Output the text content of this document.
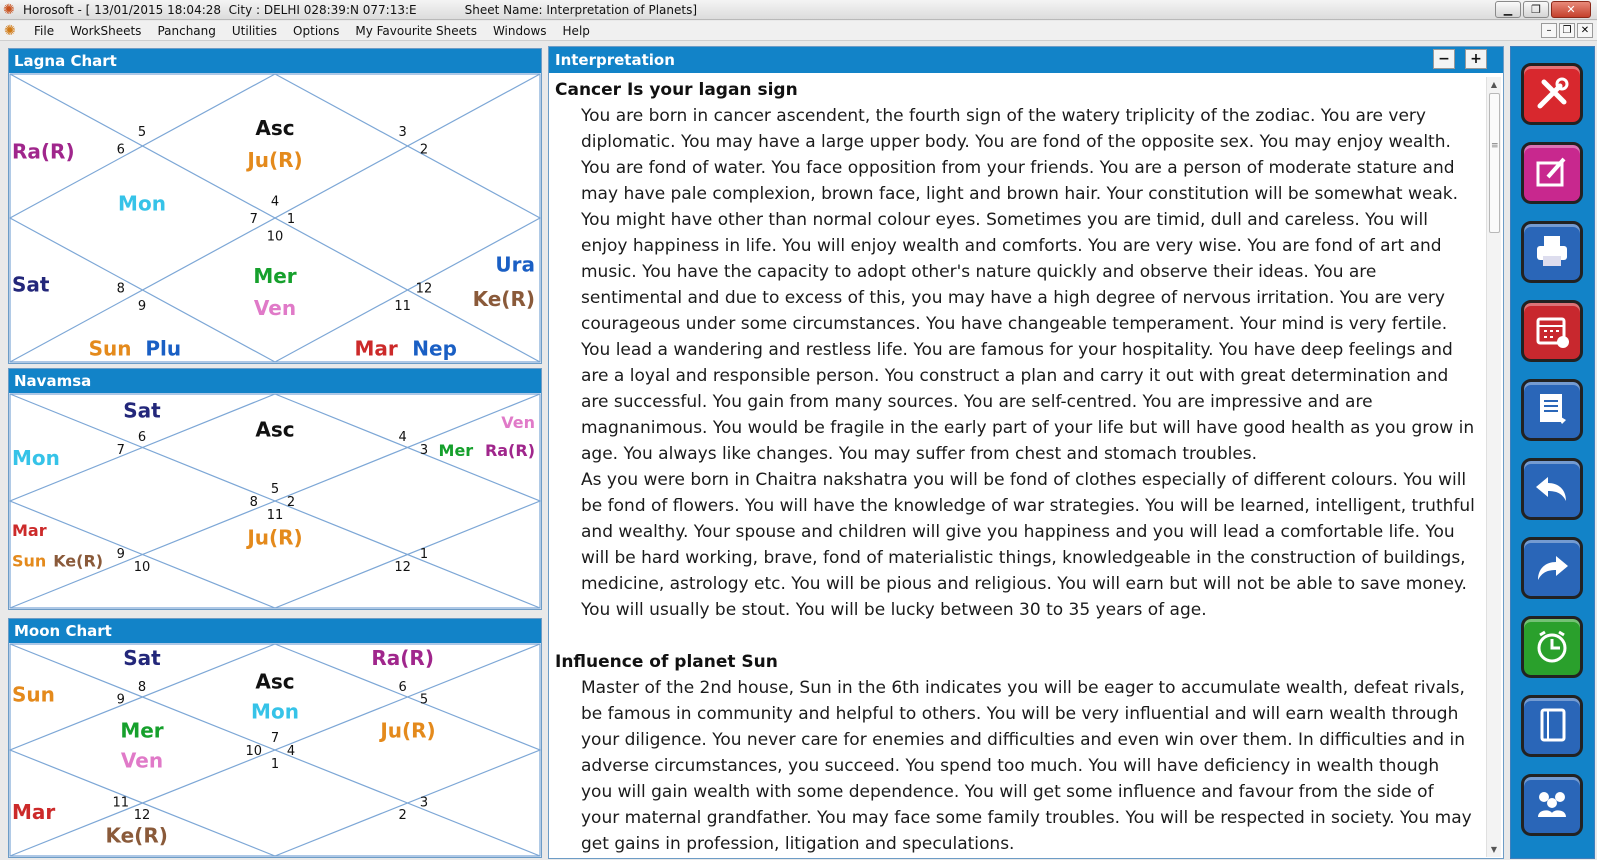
✺ Horosoft - [ 13/01/2015 18:04:28  City : DELHI 028:39:N 077:13:E	Sheet Name: Interpretation of Planets]	▁	❐	✕
✺	File	WorkSheets	Panchang	Utilities	Options	My Favourite Sheets	Windows	Help	–	❐ ✕
Lagna Chart
4
3
2
1
12
11
10
9
8
7
6
5	Asc
Ju(R)
Mon
Mer
Ven
Ra(R)
Sat
Sun Plu	Mar Nep
Ura
Ke(R)
Navamsa
5
4
3
2
1
12
11
10
9
8
7
6	Asc
Sat
Mon	Mer
Ven
Ra(R)
Ju(R)
Mar
Sun Ke(R)
Moon Chart
7
6
5
4
3
2
1
12
11
10
9
8	Asc
Mon
Sat	Ra(R)
Sun
Mer
Ven
Ju(R)
Mar
Ke(R)
Interpretation	−	+
Cancer Is your lagan sign
You are born in cancer ascendent, the fourth sign of the watery triplicity of the zodiac. You are very diplomatic. You may have a large upper body. You are fond of the opposite sex. You may enjoy wealth. You are fond of water. You face opposition from your friends. You are a person of moderate stature and may have pale complexion, brown face, light and brown hair. Your constitution will be somewhat weak. You might have other than normal colour eyes. Sometimes you are timid, dull and careless. You will enjoy happiness in life. You will enjoy wealth and comforts. You are very wise. You are fond of art and music. You have the capacity to adopt other's nature quickly and observe their ideas. You are sentimental and due to excess of this, you may have a high degree of nervous irritation. You are very courageous under some circumstances. You have changeable temperament. Your mind is very fertile. You lead a wandering and restless life. You are famous for your hospitality. You have deep feelings and are a loyal and responsible person. You construct a plan and carry it out with great determination and are successful. You gain from many sources. You are self-centred. You are impressive and are magnanimous. You would be fragile in the early part of your life but will have good health as you grow in age. You always like changes. You may suffer from chest and stomach troubles.
As you were born in Chaitra nakshatra you will be fond of clothes especially of different colours. You will be fond of flowers. You will have the knowledge of war strategies. You will be learned, intelligent, truthful and wealthy. Your spouse and children will give you happiness and you will lead a comfortable life. You will be hard working, brave, fond of materialistic things, knowledgeable in the construction of buildings, medicine, astrology etc. You will be pious and religious. You will earn but will not be able to save money. You will usually be stout. You will be lucky between 30 to 35 years of age.
Influence of planet Sun
Master of the 2nd house, Sun in the 6th indicates you will be eager to accumulate wealth, defeat rivals, be famous in community and helpful to others. You will be very influential and will earn wealth through your diligence. You never care for enemies and difficulties and even win over them. In difficulties and in adverse circumstances, you succeed. You spend too much. You will have deficiency in wealth though you will gain wealth with some dependence. You will get some influence and favour from the side of your maternal grandfather. You may face some family troubles. You will be respected in society. You may get gains in profession, litigation and speculations.
▲
≡
▼
